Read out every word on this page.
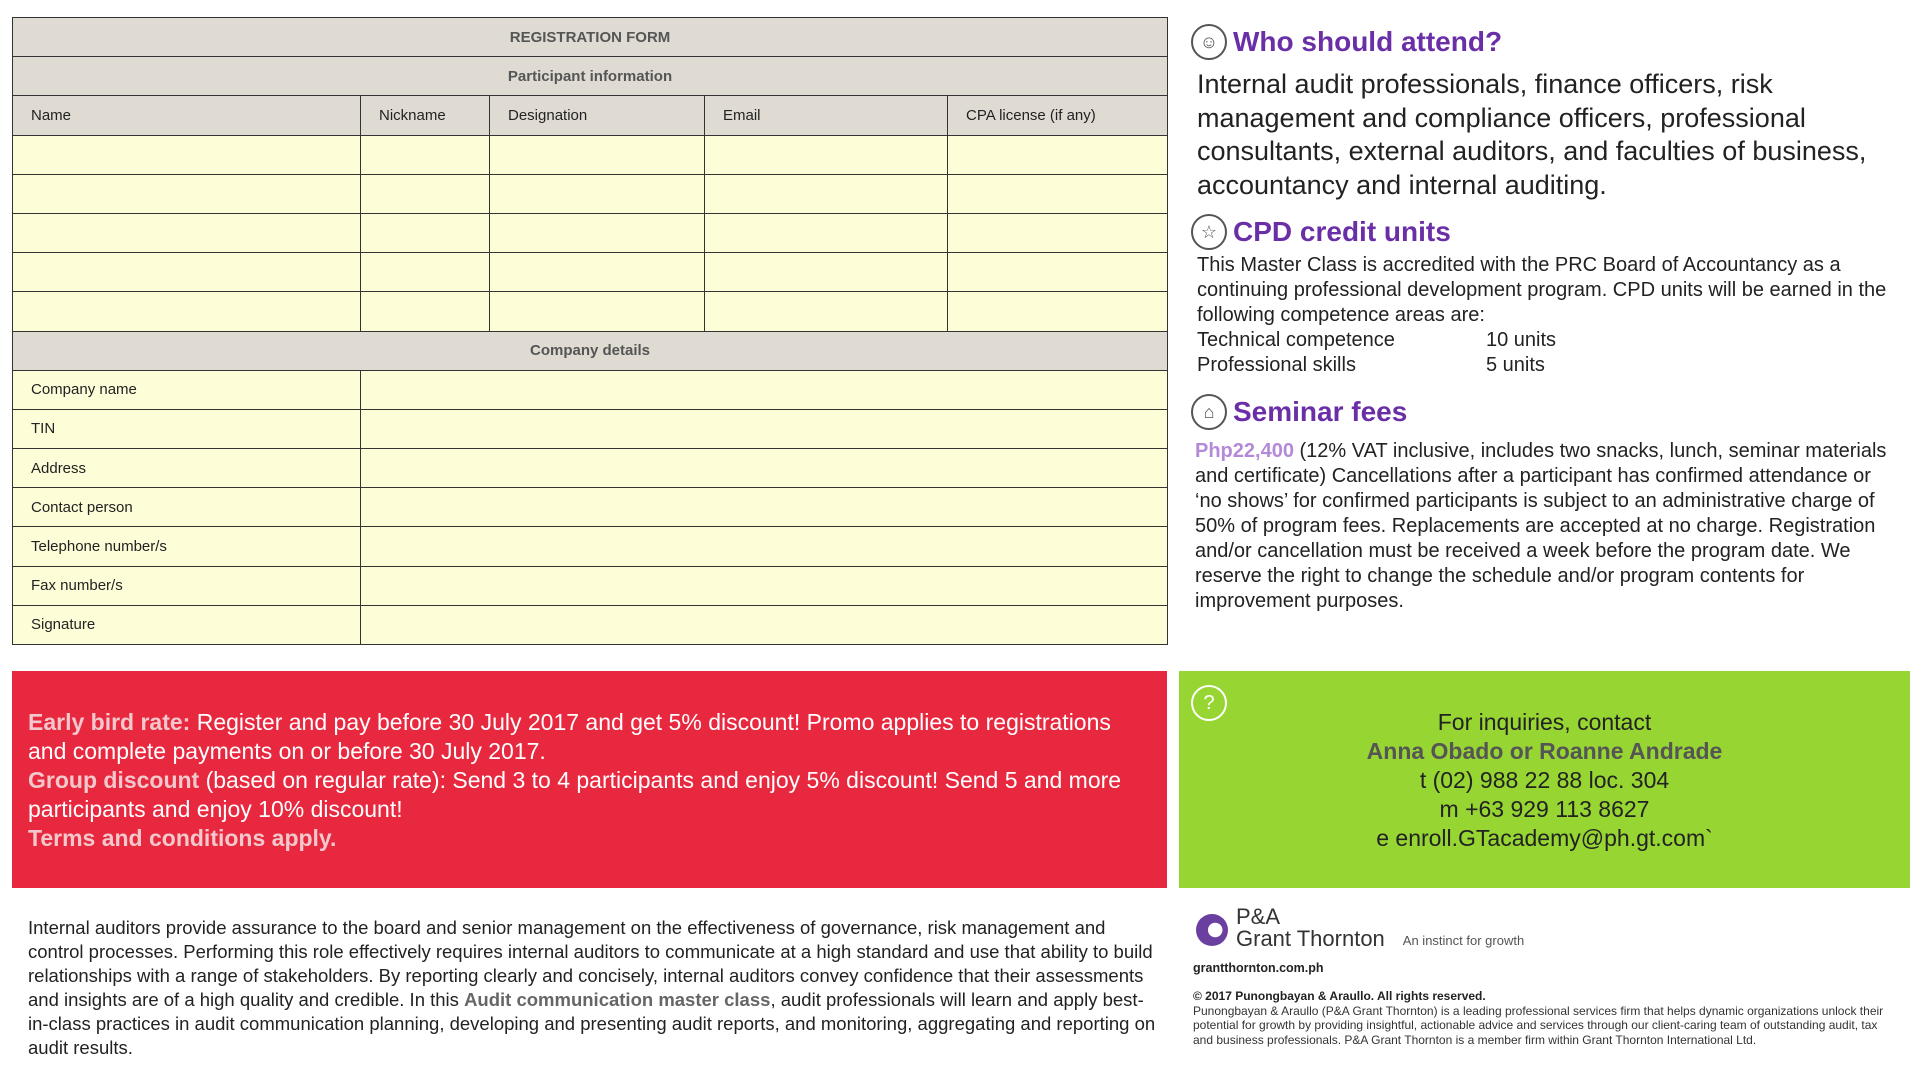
REGISTRATION FORM				
Participant information				
Name	Nickname	Designation	Email	CPA license (if any)

Company details				
Company name				
TIN				
Address				
Contact person				
Telephone number/s				
Fax number/s				
Signature				
☺ Who should attend?
Internal audit professionals, finance officers, risk management and compliance officers, professional consultants, external auditors, and faculties of business, accountancy and internal auditing.
☆ CPD credit units
This Master Class is accredited with the PRC Board of Accountancy as a continuing professional development program. CPD units will be earned in the following competence areas are:
Technical competence	10 units
Professional skills	5 units
⌂ Seminar fees
Php22,400 (12% VAT inclusive, includes two snacks, lunch, seminar materials and certificate) Cancellations after a participant has confirmed attendance or ‘no shows’ for confirmed participants is subject to an administrative charge of 50% of program fees. Replacements are accepted at no charge. Registration and/or cancellation must be received a week before the program date. We reserve the right to change the schedule and/or program contents for improvement purposes.
Early bird rate: Register and pay before 30 July 2017 and get 5% discount! Promo applies to registrations and complete payments on or before 30 July 2017.
Group discount (based on regular rate): Send 3 to 4 participants and enjoy 5% discount! Send 5 and more participants and enjoy 10% discount!
Terms and conditions apply.
?
For inquiries, contact
Anna Obado or Roanne Andrade
t (02) 988 22 88 loc. 304
m +63 929 113 8627
e enroll.GTacademy@ph.gt.com`
Internal auditors provide assurance to the board and senior management on the effectiveness of governance, risk management and control processes. Performing this role effectively requires internal auditors to communicate at a high standard and use that ability to build relationships with a range of stakeholders. By reporting clearly and concisely, internal auditors convey confidence that their assessments and insights are of a high quality and credible. In this Audit communication master class, audit professionals will learn and apply best-in-class practices in audit communication planning, developing and presenting audit reports, and monitoring, aggregating and reporting on audit results.
P&A
Grant Thornton An instinct for growth
grantthornton.com.ph
© 2017 Punongbayan & Araullo. All rights reserved.
Punongbayan & Araullo (P&A Grant Thornton) is a leading professional services firm that helps dynamic organizations unlock their potential for growth by providing insightful, actionable advice and services through our client-caring team of outstanding audit, tax and business professionals. P&A Grant Thornton is a member firm within Grant Thornton International Ltd.
